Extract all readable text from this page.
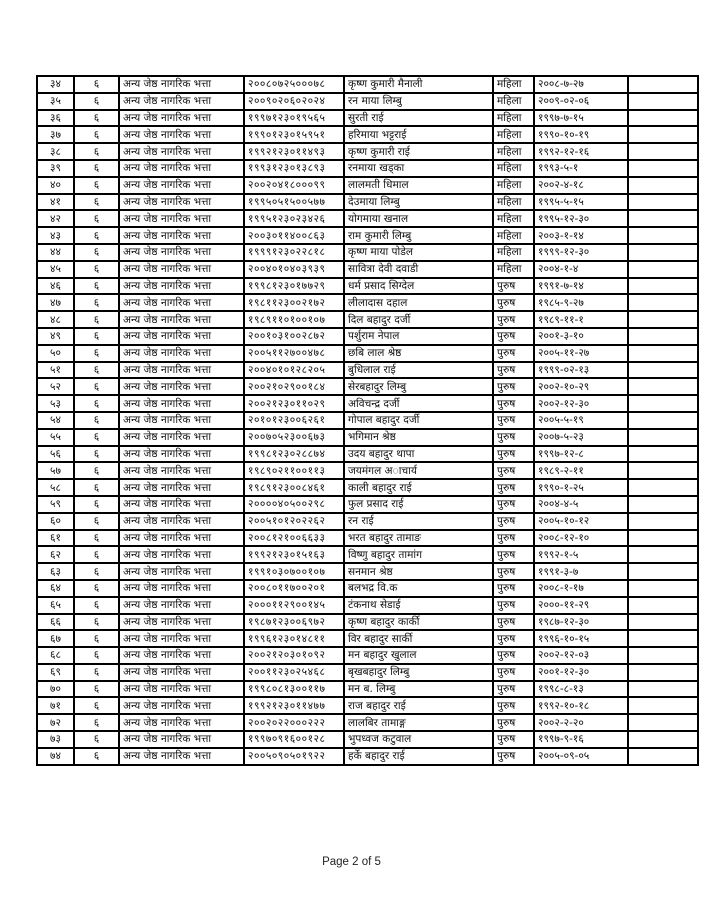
३४	६	अन्य जेष्ठ नागरिक भत्ता	२००८०७२५०००७८	कृष्ण कुमारी मैनाली	महिला	२००८-७-२७	
३५	६	अन्य जेष्ठ नागरिक भत्ता	२००९०२०६०२०२४	रन माया लिम्बु	महिला	२००९-०२-०६	
३६	६	अन्य जेष्ठ नागरिक भत्ता	१९९७१२३०१९५६५	सुरती राई	महिला	१९९७-७-१५	
३७	६	अन्य जेष्ठ नागरिक भत्ता	१९९०१२३०१५९५१	हरिमाया भट्टराई	महिला	१९९०-१०-१९	
३८	६	अन्य जेष्ठ नागरिक भत्ता	१९९२१२३०११४९३	कृष्ण कुमारी राई	महिला	१९९२-१२-१६	
३९	६	अन्य जेष्ठ नागरिक भत्ता	१९९३१२३०१३८९३	रनमाया खड्का	महिला	१९९३-५-१	
४०	६	अन्य जेष्ठ नागरिक भत्ता	२००२०४१८०००९९	लालमती धिमाल	महिला	२००२-४-१८	
४१	६	अन्य जेष्ठ नागरिक भत्ता	१९९५०५१५००५७७	देउमाया लिम्बु	महिला	१९९५-५-१५	
४२	६	अन्य जेष्ठ नागरिक भत्ता	१९९५१२३०२३४२६	योगमाया खनाल	महिला	१९९५-१२-३०	
४३	६	अन्य जेष्ठ नागरिक भत्ता	२००३०११४००८६३	राम कुमारी लिम्बु	महिला	२००३-१-१४	
४४	६	अन्य जेष्ठ नागरिक भत्ता	१९९९१२३०२२८१८	कृष्ण माया पोडेल	महिला	१९९९-१२-३०	
४५	६	अन्य जेष्ठ नागरिक भत्ता	२००४०१०४०३९३९	सावित्रा देवी दवाडी	महिला	२००४-१-४	
४६	६	अन्य जेष्ठ नागरिक भत्ता	१९९८१२३०१७७२९	धर्म प्रसाद सिग्देल	पुरुष	१९९१-७-१४	
४७	६	अन्य जेष्ठ नागरिक भत्ता	१९८११२३००२१७२	लीलादास दहाल	पुरुष	१९८५-९-२७	
४८	६	अन्य जेष्ठ नागरिक भत्ता	१९८९११०१००१०७	दिल बहादुर दर्जी	पुरुष	१९८९-११-१	
४९	६	अन्य जेष्ठ नागरिक भत्ता	२००१०३१००२८७२	पर्शुराम नेपाल	पुरुष	२००१-३-१०	
५०	६	अन्य जेष्ठ नागरिक भत्ता	२००५११२७००४७८	छबि लाल श्रेष्ठ	पुरुष	२००५-११-२७	
५१	६	अन्य जेष्ठ नागरिक भत्ता	२००४०१०१२८२०५	बुधिलाल राई	पुरुष	१९९९-०२-१३	
५२	६	अन्य जेष्ठ नागरिक भत्ता	२००२१०२९००१८४	सेरबहादुर लिम्बु	पुरुष	२००२-१०-२९	
५३	६	अन्य जेष्ठ नागरिक भत्ता	२००२१२३०११०२९	अविचन्द्र दर्जी	पुरुष	२००२-१२-३०	
५४	६	अन्य जेष्ठ नागरिक भत्ता	२०१०१२३००६२६१	गाेपाल बहादुर दर्जी	पुरुष	२००५-५-१९	
५५	६	अन्य जेष्ठ नागरिक भत्ता	२००७०५२३००६७३	भगिमान श्रेष्ठ	पुरुष	२००७-५-२३	
५६	६	अन्य जेष्ठ नागरिक भत्ता	१९९८१२३०२८८७४	उदय बहादुर थापा	पुरुष	१९९७-१२-८	
५७	६	अन्य जेष्ठ नागरिक भत्ता	१९८९०२११००११३	जयमंगल अाचार्य	पुरुष	१९८९-२-११	
५८	६	अन्य जेष्ठ नागरिक भत्ता	१९८९१२३००८४६१	काली बहादुर राई	पुरुष	१९९०-१-२५	
५९	६	अन्य जेष्ठ नागरिक भत्ता	२००००४०५००२९८	फुल प्रसाद राई	पुरुष	२००४-४-५	
६०	६	अन्य जेष्ठ नागरिक भत्ता	२००५१०१२०२२६२	रन राई	पुरुष	२००५-१०-१२	
६१	६	अन्य जेष्ठ नागरिक भत्ता	२००८१२१००६६३३	भरत बहादुर तामाङ	पुरुष	२००८-१२-१०	
६२	६	अन्य जेष्ठ नागरिक भत्ता	१९९२१२३०१५१६३	विष्णु बहादुर तामांग	पुरुष	१९९२-१-५	
६३	६	अन्य जेष्ठ नागरिक भत्ता	१९९१०३०७००१०७	सनमान श्रेष्ठ	पुरुष	१९९१-३-७	
६४	६	अन्य जेष्ठ नागरिक भत्ता	२००८०११७००२०१	बलभद्र वि.क	पुरुष	२००८-१-१७	
६५	६	अन्य जेष्ठ नागरिक भत्ता	२०००११२९००१४५	टंकनाथ सेडाई	पुरुष	२०००-११-२९	
६६	६	अन्य जेष्ठ नागरिक भत्ता	१९८७१२३००६९७२	कृष्ण बहादुर कार्की	पुरुष	१९८७-१२-३०	
६७	६	अन्य जेष्ठ नागरिक भत्ता	१९९६१२३०१४८११	विर बहादुर सार्की	पुरुष	१९९६-१०-१५	
६८	६	अन्य जेष्ठ नागरिक भत्ता	२००२१२०३०१०९२	मन बहादुर खुलाल	पुरुष	२००२-१२-०३	
६९	६	अन्य जेष्ठ नागरिक भत्ता	२००११२३०२५४६८	बृखबहादुर लिम्बु	पुरुष	२००१-१२-३०	
७०	६	अन्य जेष्ठ नागरिक भत्ता	१९९८०८१३००११७	मन ब. लिम्बु	पुरुष	१९९८-८-१३	
७१	६	अन्य जेष्ठ नागरिक भत्ता	१९९२१२३०११४७७	राज बहादुर राई	पुरुष	१९९२-१०-१८	
७२	६	अन्य जेष्ठ नागरिक भत्ता	२००२०२२०००२२२	लालबिर तामाङ्ग	पुरुष	२००२-२-२०	
७३	६	अन्य जेष्ठ नागरिक भत्ता	१९९७०९१६००१२८	भुपध्वज कटुवाल	पुरुष	१९९७-९-१६	
७४	६	अन्य जेष्ठ नागरिक भत्ता	२००५०९०५०१९२२	हर्के बहादुर राई	पुरुष	२००५-०९-०५	
Page 2 of 5
